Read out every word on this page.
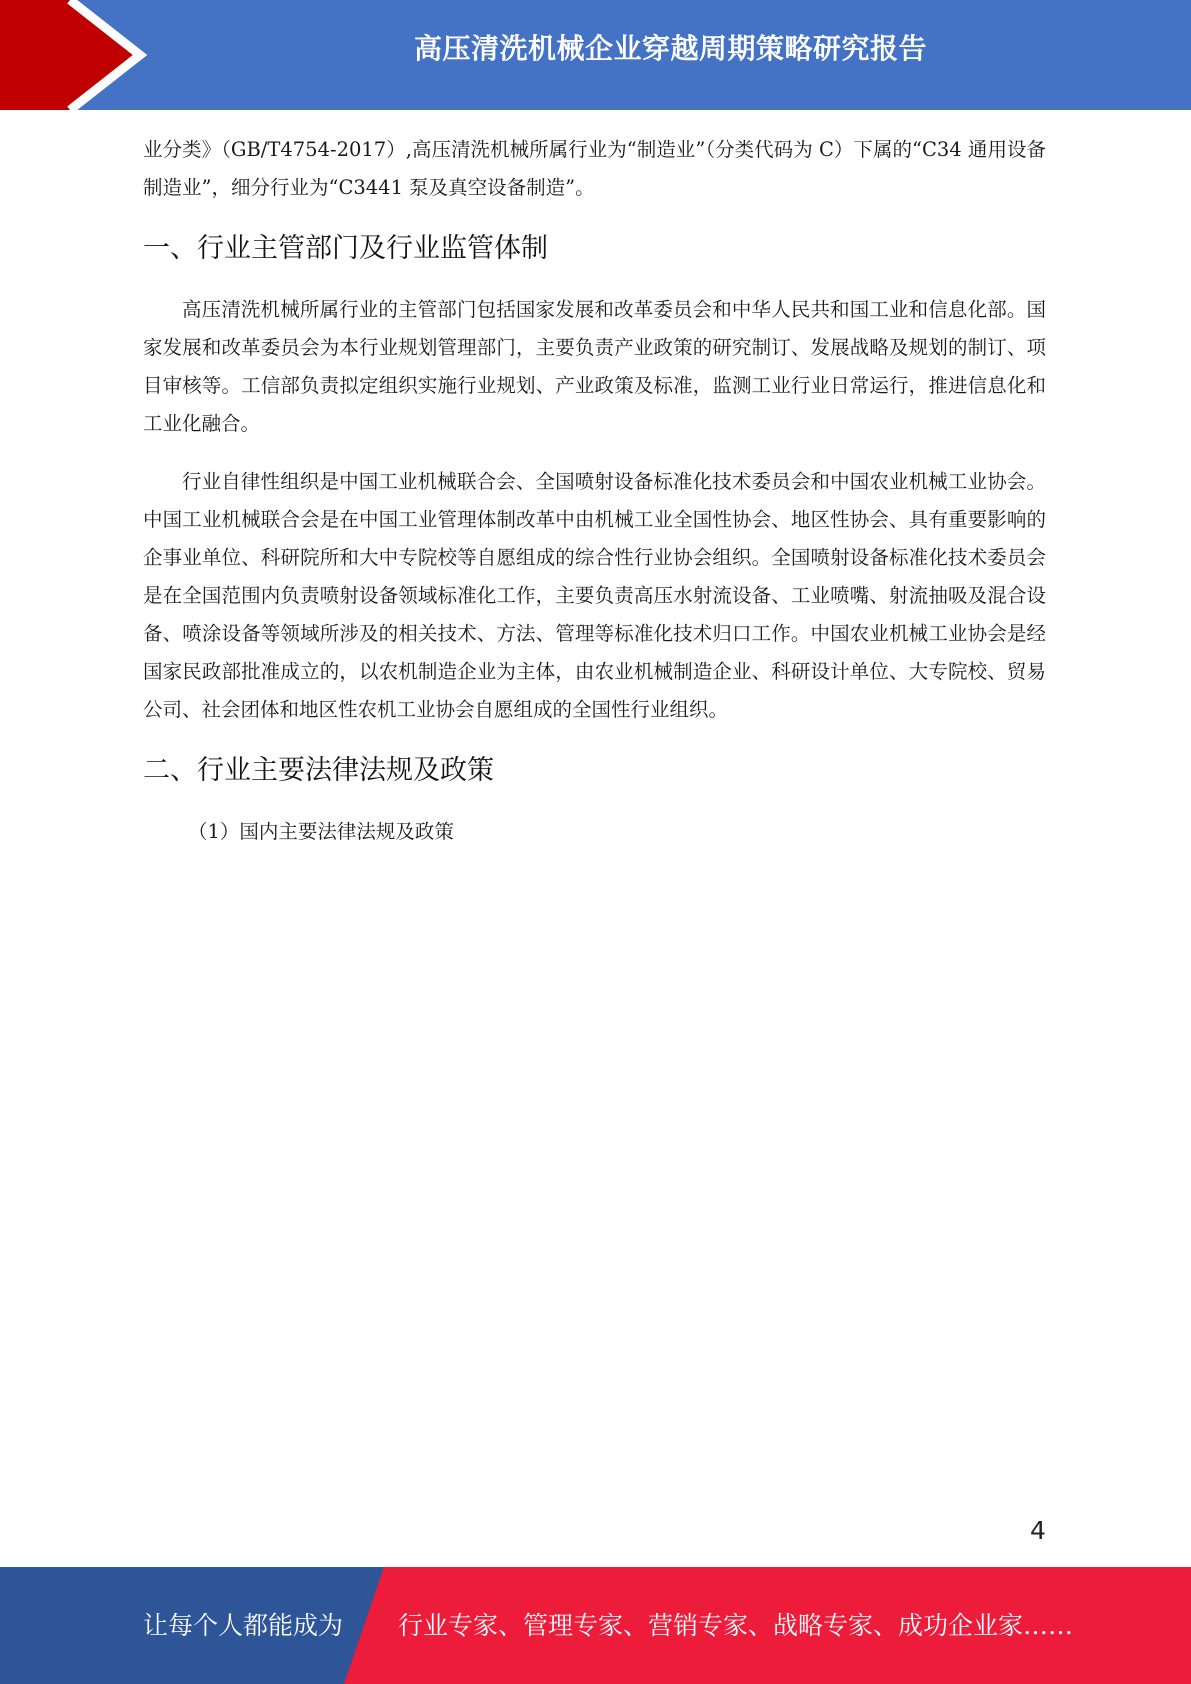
高压清洗机械企业穿越周期策略研究报告

业分类》（GB/T4754-2017）,高压清洗机械所属行业为“制造业”（分类代码为 C）下属的“C34 通用设备制造业”，细分行业为“C3441 泵及真空设备制造”。

一、行业主管部门及行业监管体制

高压清洗机械所属行业的主管部门包括国家发展和改革委员会和中华人民共和国工业和信息化部。国家发展和改革委员会为本行业规划管理部门，主要负责产业政策的研究制订、发展战略及规划的制订、项目审核等。工信部负责拟定组织实施行业规划、产业政策及标准，监测工业行业日常运行，推进信息化和工业化融合。

行业自律性组织是中国工业机械联合会、全国喷射设备标准化技术委员会和中国农业机械工业协会。中国工业机械联合会是在中国工业管理体制改革中由机械工业全国性协会、地区性协会、具有重要影响的企事业单位、科研院所和大中专院校等自愿组成的综合性行业协会组织。全国喷射设备标准化技术委员会是在全国范围内负责喷射设备领域标准化工作，主要负责高压水射流设备、工业喷嘴、射流抽吸及混合设备、喷涂设备等领域所涉及的相关技术、方法、管理等标准化技术归口工作。中国农业机械工业协会是经国家民政部批准成立的，以农机制造企业为主体，由农业机械制造企业、科研设计单位、大专院校、贸易公司、社会团体和地区性农机工业协会自愿组成的全国性行业组织。

二、行业主要法律法规及政策

（1）国内主要法律法规及政策

4
让每个人都能成为 行业专家、管理专家、营销专家、战略专家、成功企业家……
